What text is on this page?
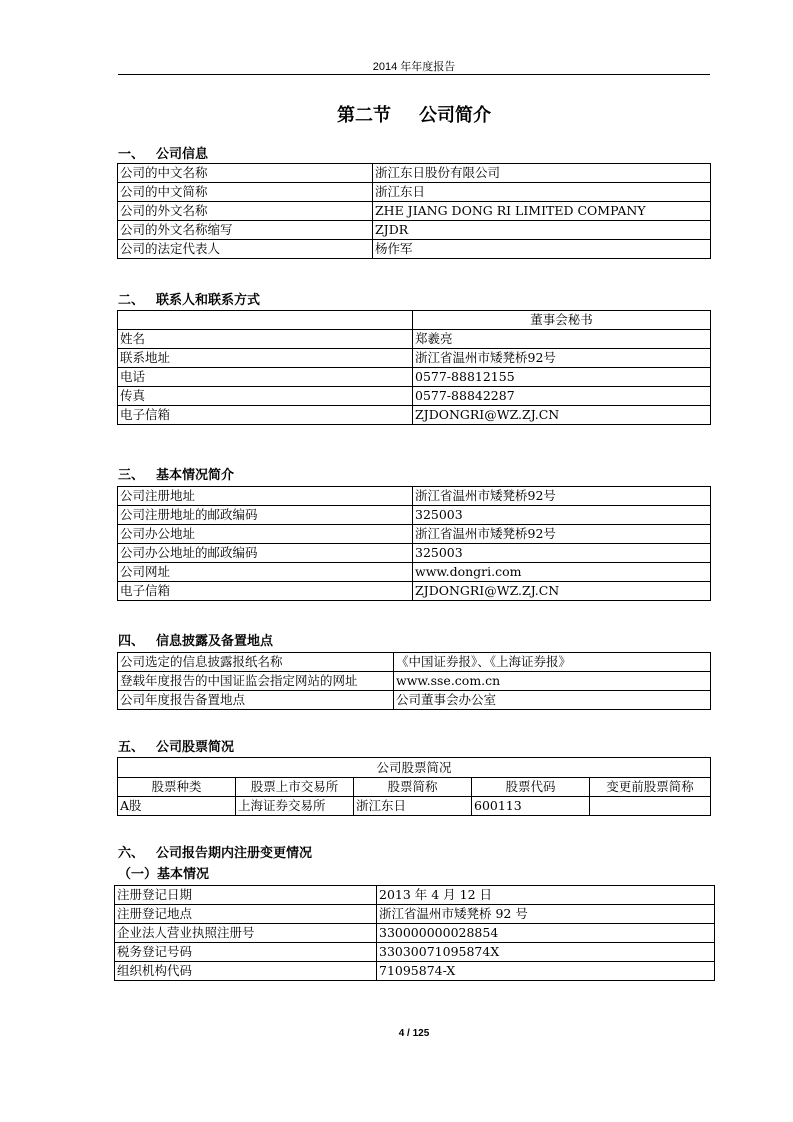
2014 年年度报告
第二节 公司简介
一、 公司信息
公司的中文名称	浙江东日股份有限公司
公司的中文简称	浙江东日
公司的外文名称	ZHE JIANG DONG RI LIMITED COMPANY
公司的外文名称缩写	ZJDR
公司的法定代表人	杨作军
二、 联系人和联系方式
	董事会秘书
姓名	郑羲亮
联系地址	浙江省温州市矮凳桥92号
电话	0577-88812155
传真	0577-88842287
电子信箱	ZJDONGRI@WZ.ZJ.CN
三、 基本情况简介
公司注册地址	浙江省温州市矮凳桥92号
公司注册地址的邮政编码	325003
公司办公地址	浙江省温州市矮凳桥92号
公司办公地址的邮政编码	325003
公司网址	www.dongri.com
电子信箱	ZJDONGRI@WZ.ZJ.CN
四、 信息披露及备置地点
公司选定的信息披露报纸名称	《中国证券报》、《上海证券报》
登载年度报告的中国证监会指定网站的网址	www.sse.com.cn
公司年度报告备置地点	公司董事会办公室
五、 公司股票简况
公司股票简况				
股票种类	股票上市交易所	股票简称	股票代码	变更前股票简称
A股	上海证券交易所	浙江东日	600113	
六、 公司报告期内注册变更情况
（一）基本情况
注册登记日期	2013 年 4 月 12 日
注册登记地点	浙江省温州市矮凳桥 92 号
企业法人营业执照注册号	330000000028854
税务登记号码	33030071095874X
组织机构代码	71095874-X
4 / 125
